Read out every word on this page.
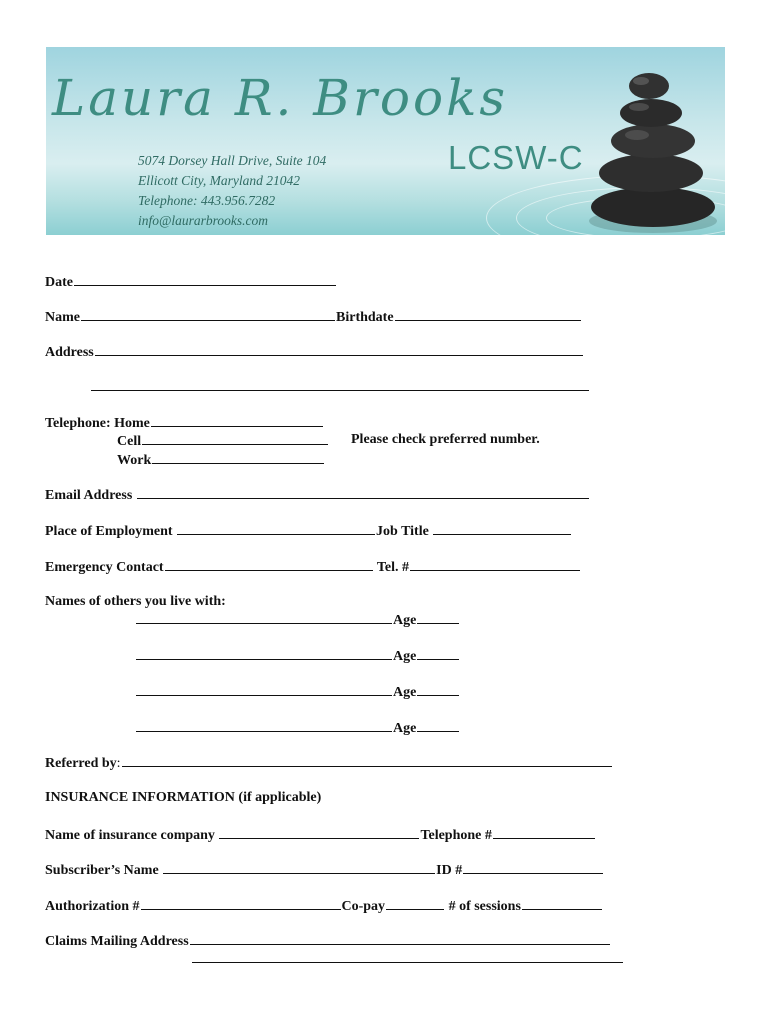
Laura R. Brooks
LCSW-C
5074 Dorsey Hall Drive, Suite 104
Ellicott City, Maryland 21042
Telephone: 443.956.7282
info@laurarbrooks.com
Date
Name	Birthdate
Address
Telephone: Home
Cell	Please check preferred number.
Work
Email Address
Place of Employment	Job Title
Emergency Contact	Tel. #
Names of others you live with:
Age
Age
Age
Age
Referred by:
INSURANCE INFORMATION (if applicable)
Name of insurance company	Telephone #
Subscriber’s Name	ID #
Authorization #	Co-pay	# of sessions
Claims Mailing Address
